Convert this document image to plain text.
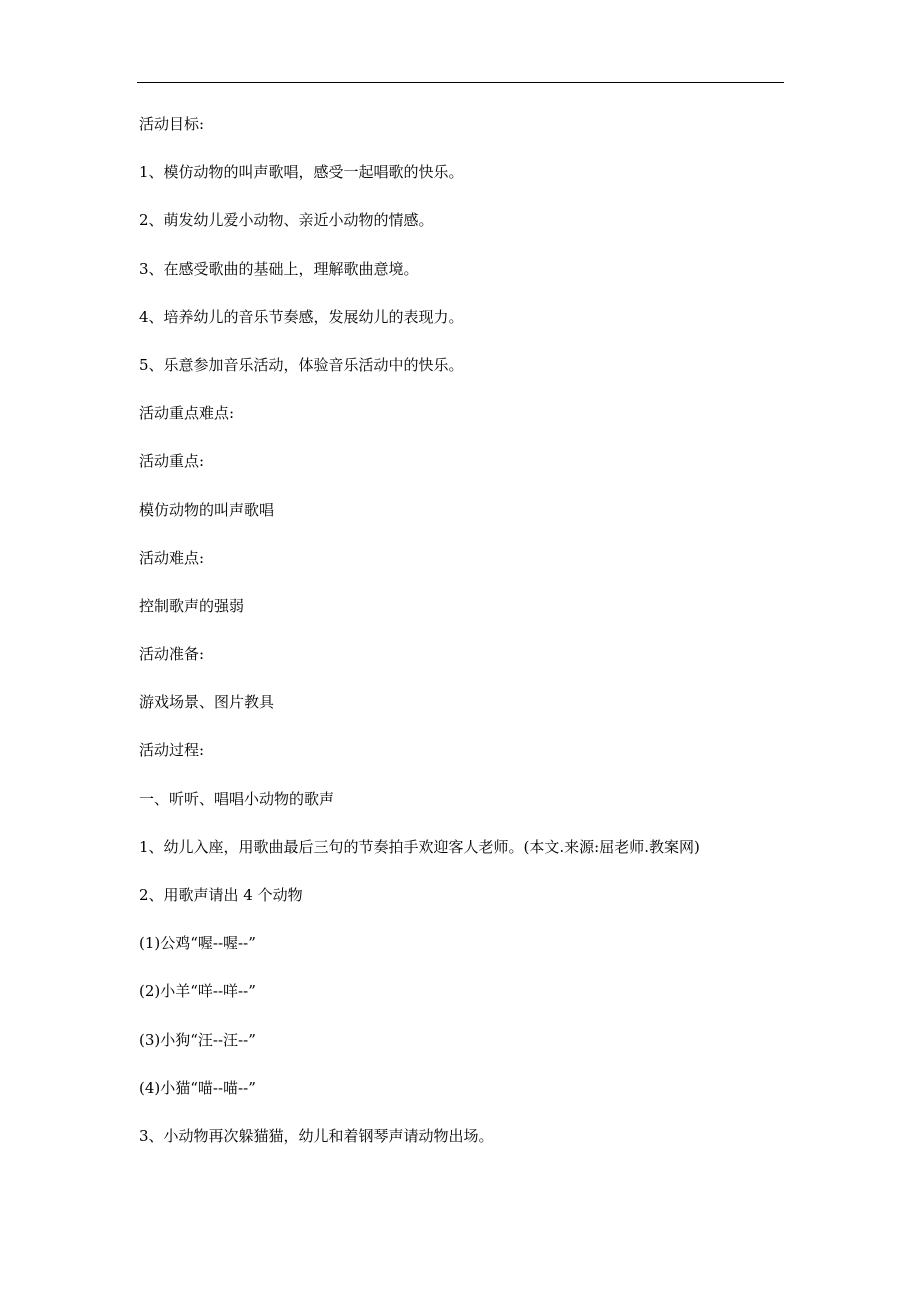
活动目标:
1、模仿动物的叫声歌唱，感受一起唱歌的快乐。
2、萌发幼儿爱小动物、亲近小动物的情感。
3、在感受歌曲的基础上，理解歌曲意境。
4、培养幼儿的音乐节奏感，发展幼儿的表现力。
5、乐意参加音乐活动，体验音乐活动中的快乐。
活动重点难点:
活动重点:
模仿动物的叫声歌唱
活动难点:
控制歌声的强弱
活动准备:
游戏场景、图片教具
活动过程:
一、听听、唱唱小动物的歌声
1、幼儿入座，用歌曲最后三句的节奏拍手欢迎客人老师。(本文.来源:屈老师.教案网)
2、用歌声请出 4 个动物
(1)公鸡“喔--喔--”
(2)小羊“咩--咩--”
(3)小狗“汪--汪--”
(4)小猫“喵--喵--”
3、小动物再次躲猫猫，幼儿和着钢琴声请动物出场。
